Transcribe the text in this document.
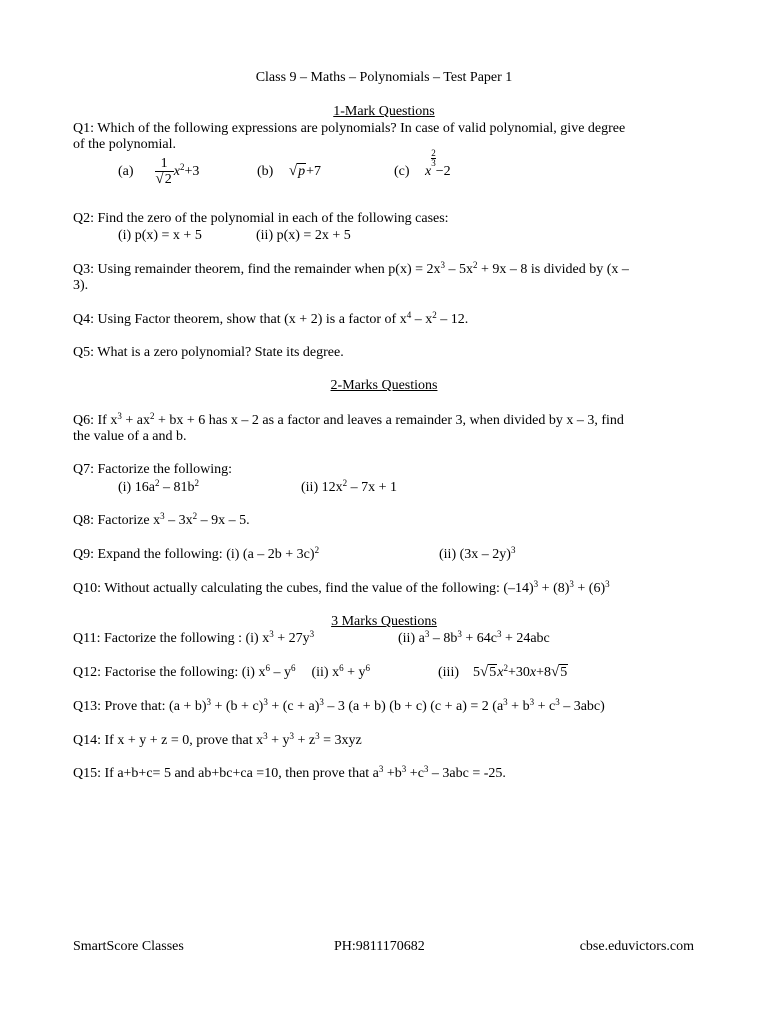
Class 9 – Maths – Polynomials – Test Paper 1
1-Mark Questions
Q1: Which of the following expressions are polynomials? In case of valid polynomial, give degree
of the polynomial.
$(a) \frac{1}{√2} x^2+3$	(b) √p+7	(c) x
$\frac{2}{3}$
−2
Q2: Find the zero of the polynomial in each of the following cases:
(i) p(x) = x + 5	(ii) p(x) = 2x + 5
Q3: Using remainder theorem, find the remainder when $p(x) = 2x^3 - 5x^2 + 9x - 8$ is divided by (x –
3).
Q4: Using Factor theorem, show that (x + 2) is a factor of $x^4 - x^2 - 12$.
Q5: What is a zero polynomial? State its degree.
2-Marks Questions
Q6: If $x^3 + ax^2$ + bx + 6 has x – 2 as a factor and leaves a remainder 3, when divided by x – 3, find
the value of a and b.
Q7: Factorize the following:
(i) $16a^2 - 81b^2$	(ii) $12x^2 - 7x + 1$
Q8: Factorize $x^3 - 3x^2 - 9x - 5$.
Q9: Expand the following: (i) $(a - 2b + 3c)^2$	(ii) (3x – 2y)$^3$
Q10: Without actually calculating the cubes, find the value of the following: $(-14)^3 + (8)^3 + (6)^3$
3 Marks Questions
Q11: Factorize the following : (i) $x^3 + 27y^3$	(ii) $a^3 - 8b^3 + 64c^3 + 24abc$
Q12: Factorise the following: (i) $x^6 - y^6$ (ii) $x^6 + y^6$	(iii) $5√5x^2+30x+8√5$
Q13: Prove that: $(a + b)^3 + (b + c)^3 + (c + a)^3 - 3$ (a + b) (b + c) (c + a) = 2 $(a^3 + b^3 + c^3 - 3abc)$
Q14: If x + y + z = 0, prove that $x^3 + y^3 + z^3 = 3xyz$
Q15: If a+b+c= 5 and ab+bc+ca =10, then prove that $a^3 +b^3 +c^3 - 3abc = -25$.
SmartScore Classes	PH:9811170682	cbse.eduvictors.com
